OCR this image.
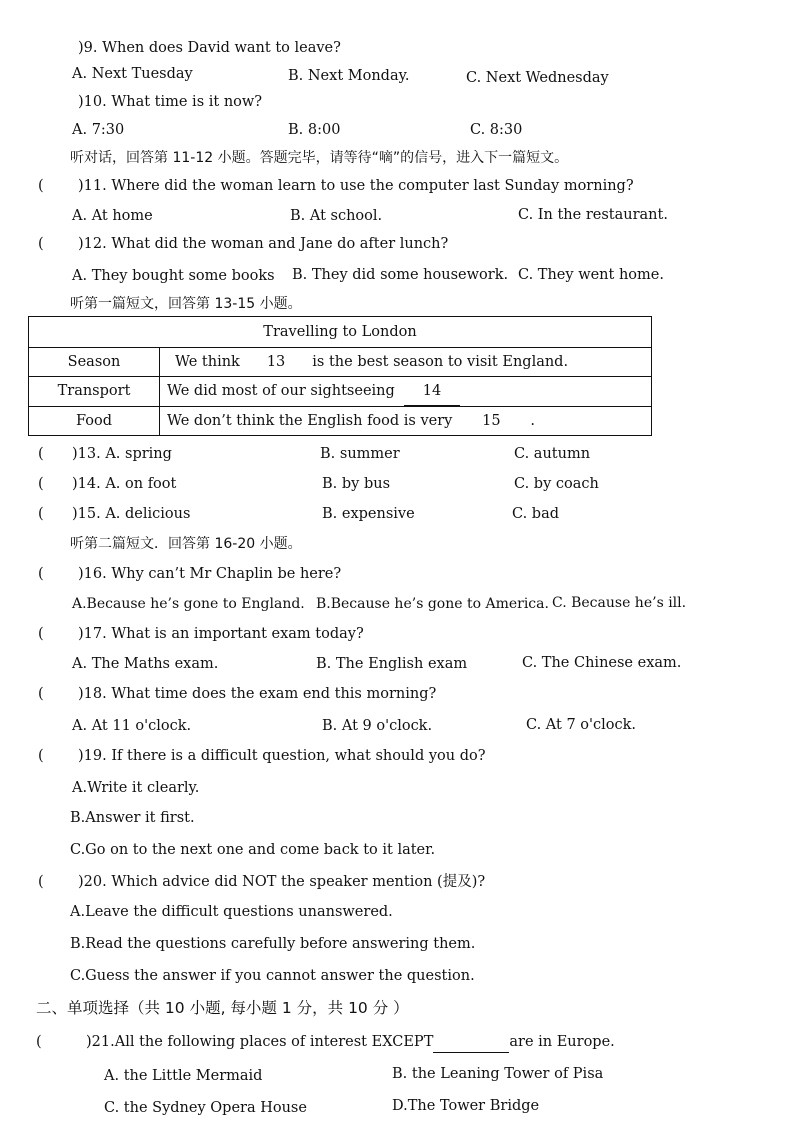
)9. When does David want to leave?
A. Next Tuesday	B. Next Monday.	C. Next Wednesday
)10. What time is it now?
A. 7:30	B. 8:00	C. 8:30
听对话，回答第 11-12 小题。答题完毕，请等待“嘀”的信号，进入下一篇短文。
( )11. Where did the woman learn to use the computer last Sunday morning?
A. At home	B. At school.	C. In the restaurant.
( )12. What did the woman and Jane do after lunch?
A. They bought some books B. They did some housework. C. They went home.
听第一篇短文，回答第 13-15 小题。
Travelling to London
Season	We think 13 is the best season to visit England.
Transport	We did most of our sightseeing 14
Food	We don’t think the English food is very 15 .
( )13. A. spring	B. summer	C. autumn
( )14. A. on foot	B. by bus	C. by coach
( )15. A. delicious	B. expensive	C. bad
听第二篇短文．回答第 16-20 小题。
( )16. Why can’t Mr Chaplin be here?
A.Because he’s gone to England. B.Because he’s gone to America. C. Because he’s ill.
( )17. What is an important exam today?
A. The Maths exam.	B. The English exam	C. The Chinese exam.
( )18. What time does the exam end this morning?
A. At 11 o'clock.	B. At 9 o'clock.	C. At 7 o'clock.
( )19. If there is a difficult question, what should you do?
A.Write it clearly.
B.Answer it first.
C.Go on to the next one and come back to it later.
( )20. Which advice did NOT the speaker mention (提及)?
A.Leave the difficult questions unanswered.
B.Read the questions carefully before answering them.
C.Guess the answer if you cannot answer the question.
二、单项选择（共 10 小题, 每小题 1 分，共 10 分 ）
(	)21.All the following places of interest EXCEPT	are in Europe.
A. the Little Mermaid	B. the Leaning Tower of Pisa
C. the Sydney Opera House	D.The Tower Bridge
